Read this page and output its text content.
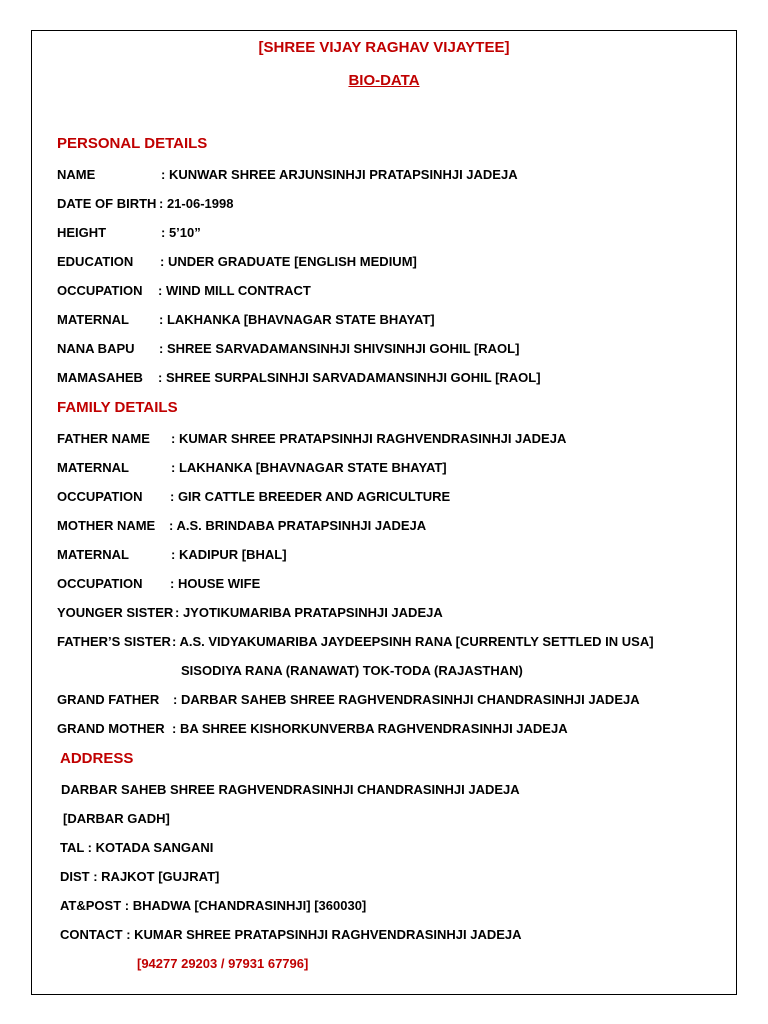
[SHREE VIJAY RAGHAV VIJAYTEE]
BIO-DATA
PERSONAL DETAILS
NAME	: KUNWAR SHREE ARJUNSINHJI PRATAPSINHJI JADEJA
DATE OF BIRTH : 21-06-1998
HEIGHT	: 5’10”
EDUCATION : UNDER GRADUATE [ENGLISH MEDIUM]
OCCUPATION : WIND MILL CONTRACT
MATERNAL : LAKHANKA [BHAVNAGAR STATE BHAYAT]
NANA BAPU : SHREE SARVADAMANSINHJI SHIVSINHJI GOHIL [RAOL]
MAMASAHEB : SHREE SURPALSINHJI SARVADAMANSINHJI GOHIL [RAOL]
FAMILY DETAILS
FATHER NAME : KUMAR SHREE PRATAPSINHJI RAGHVENDRASINHJI JADEJA
MATERNAL	: LAKHANKA [BHAVNAGAR STATE BHAYAT]
OCCUPATION : GIR CATTLE BREEDER AND AGRICULTURE
MOTHER NAME : A.S. BRINDABA PRATAPSINHJI JADEJA
MATERNAL	: KADIPUR [BHAL]
OCCUPATION : HOUSE WIFE
YOUNGER SISTER : JYOTIKUMARIBA PRATAPSINHJI JADEJA
FATHER’S SISTER : A.S. VIDYAKUMARIBA JAYDEEPSINH RANA [CURRENTLY SETTLED IN USA]
SISODIYA RANA (RANAWAT) TOK-TODA (RAJASTHAN)
GRAND FATHER : DARBAR SAHEB SHREE RAGHVENDRASINHJI CHANDRASINHJI JADEJA
GRAND MOTHER : BA SHREE KISHORKUNVERBA RAGHVENDRASINHJI JADEJA
ADDRESS
DARBAR SAHEB SHREE RAGHVENDRASINHJI CHANDRASINHJI JADEJA
[DARBAR GADH]
TAL : KOTADA SANGANI
DIST : RAJKOT [GUJRAT]
AT&POST : BHADWA [CHANDRASINHJI] [360030]
CONTACT : KUMAR SHREE PRATAPSINHJI RAGHVENDRASINHJI JADEJA
[94277 29203 / 97931 67796]
